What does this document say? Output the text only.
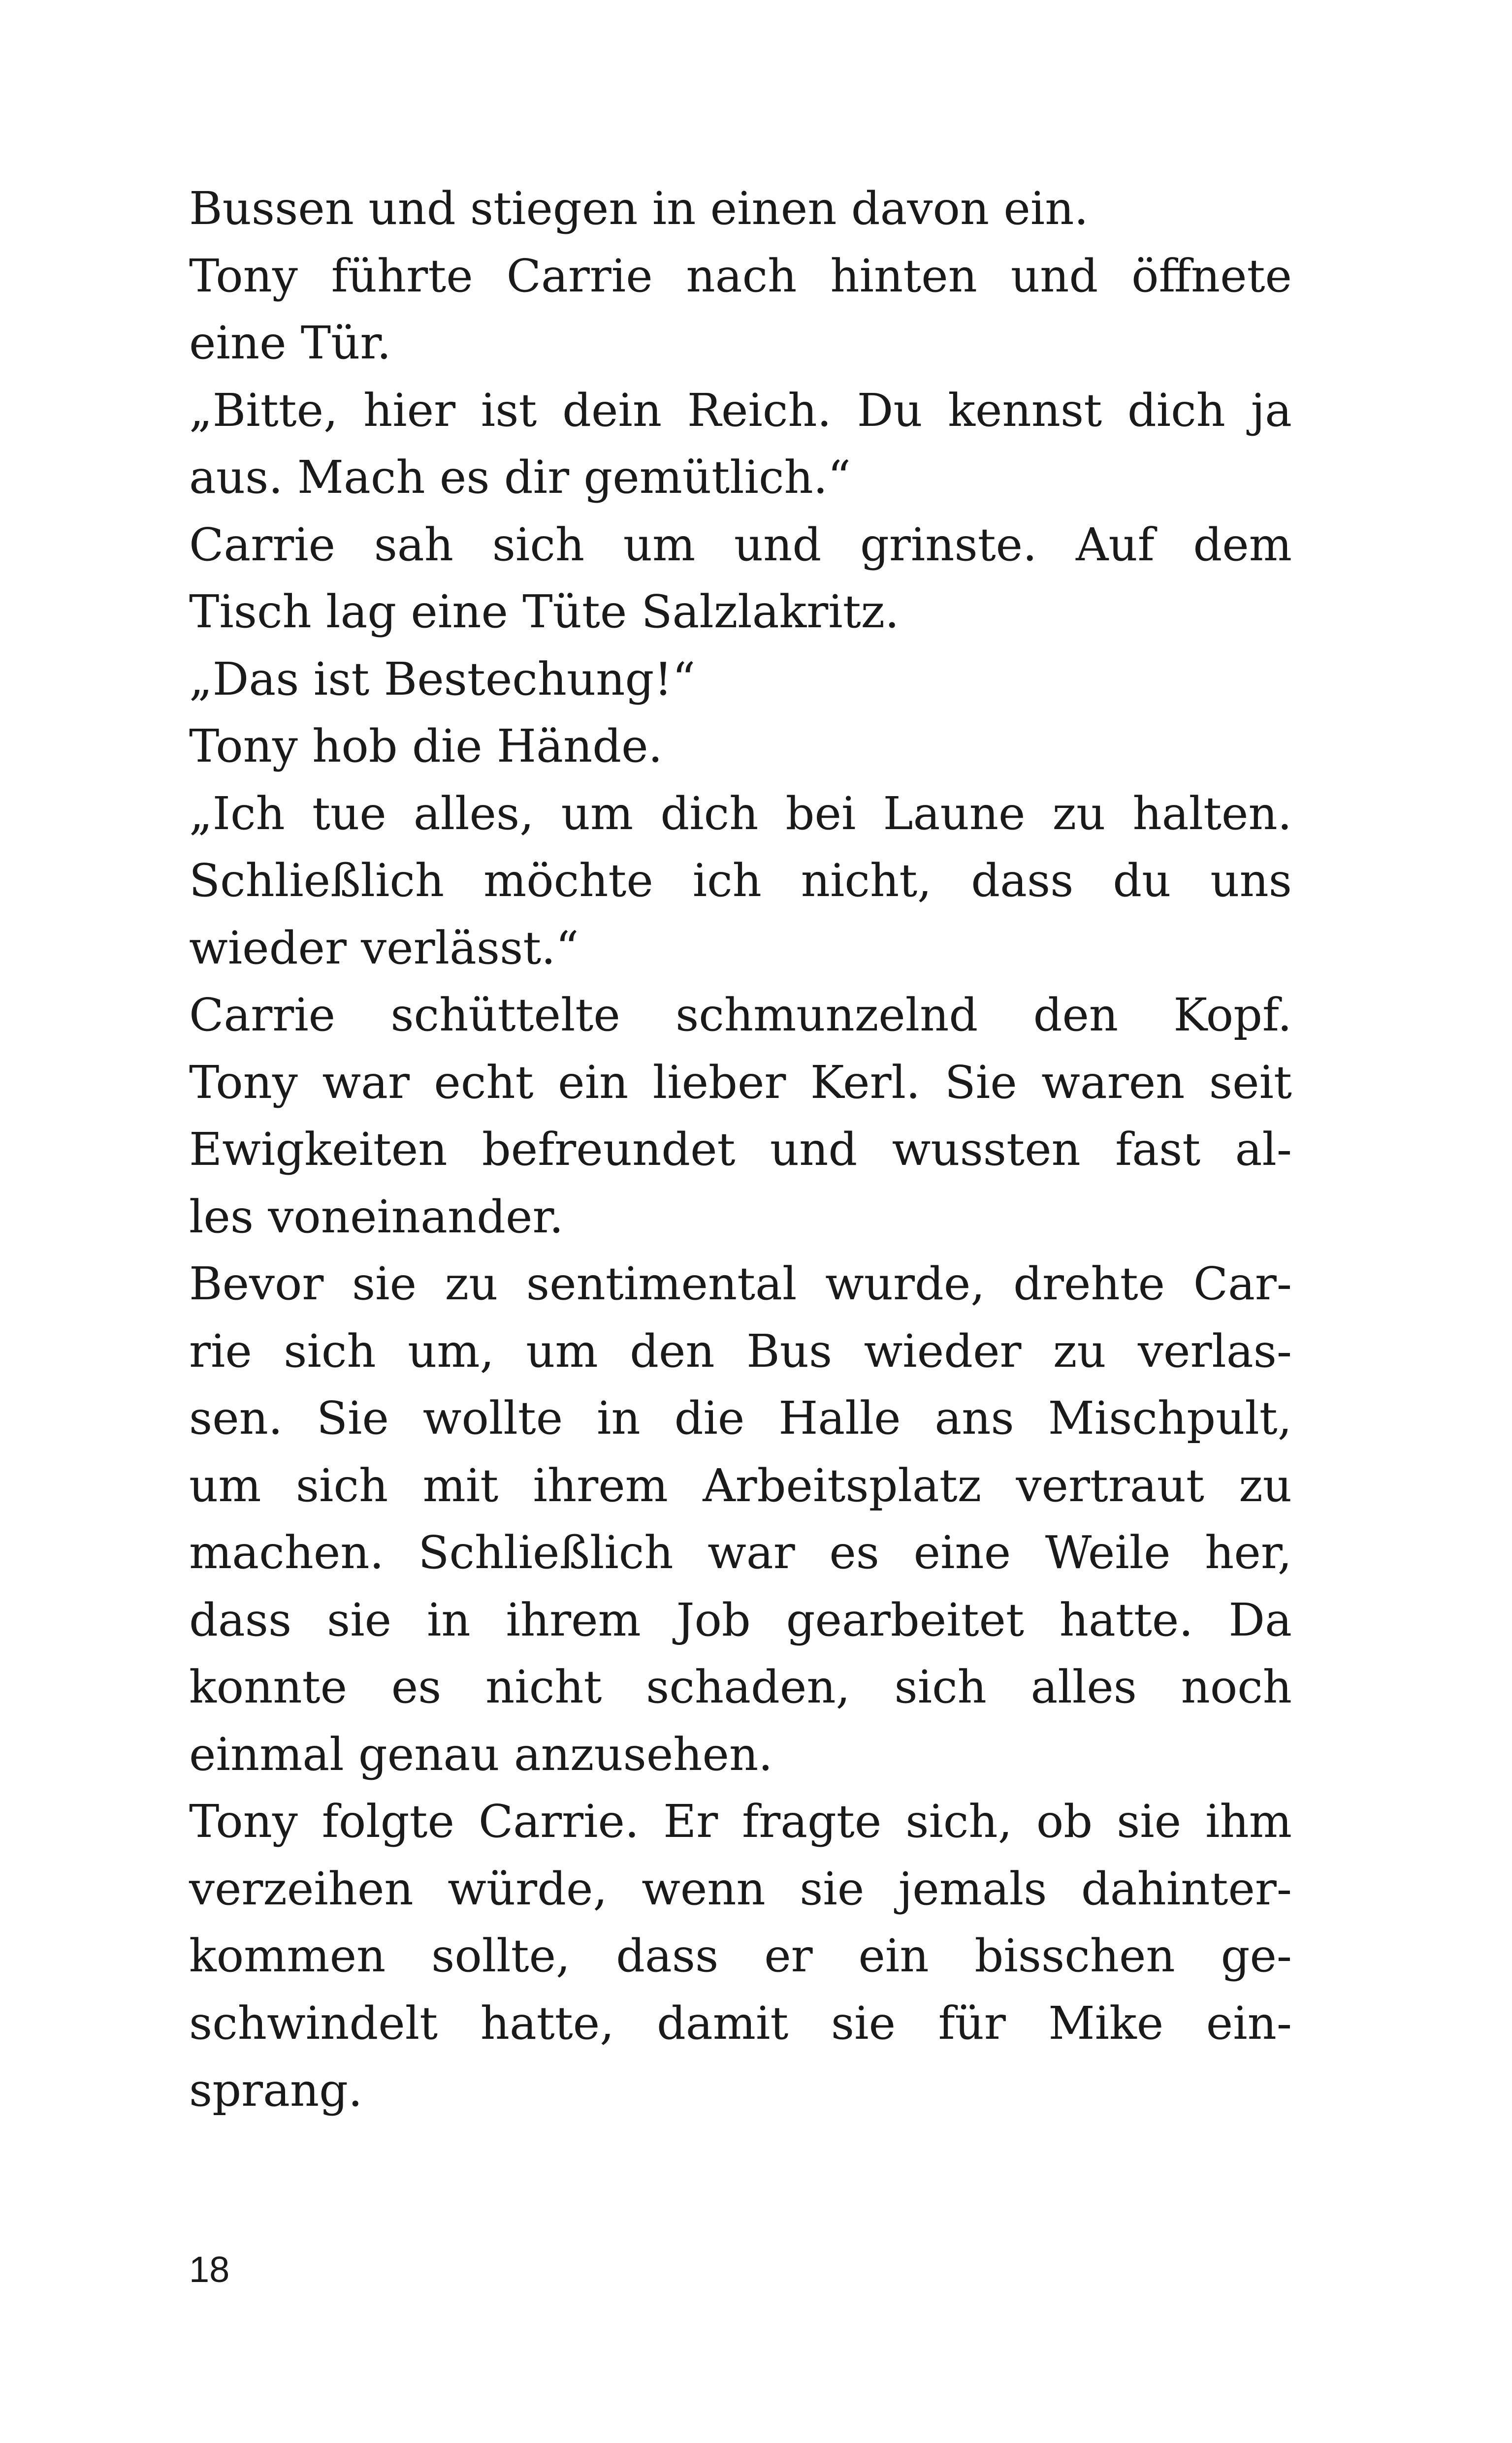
Bussen und stiegen in einen davon ein.
Tony führte Carrie nach hinten und öffnete
eine Tür.
„Bitte, hier ist dein Reich. Du kennst dich ja
aus. Mach es dir gemütlich.“
Carrie sah sich um und grinste. Auf dem
Tisch lag eine Tüte Salzlakritz.
„Das ist Bestechung!“
Tony hob die Hände.
„Ich tue alles, um dich bei Laune zu halten.
Schließlich möchte ich nicht, dass du uns
wieder verlässt.“
Carrie schüttelte schmunzelnd den Kopf.
Tony war echt ein lieber Kerl. Sie waren seit
Ewigkeiten befreundet und wussten fast al-
les voneinander.
Bevor sie zu sentimental wurde, drehte Car-
rie sich um, um den Bus wieder zu verlas-
sen. Sie wollte in die Halle ans Mischpult,
um sich mit ihrem Arbeitsplatz vertraut zu
machen. Schließlich war es eine Weile her,
dass sie in ihrem Job gearbeitet hatte. Da
konnte es nicht schaden, sich alles noch
einmal genau anzusehen.
Tony folgte Carrie. Er fragte sich, ob sie ihm
verzeihen würde, wenn sie jemals dahinter-
kommen sollte, dass er ein bisschen ge-
schwindelt hatte, damit sie für Mike ein-
sprang.
18
